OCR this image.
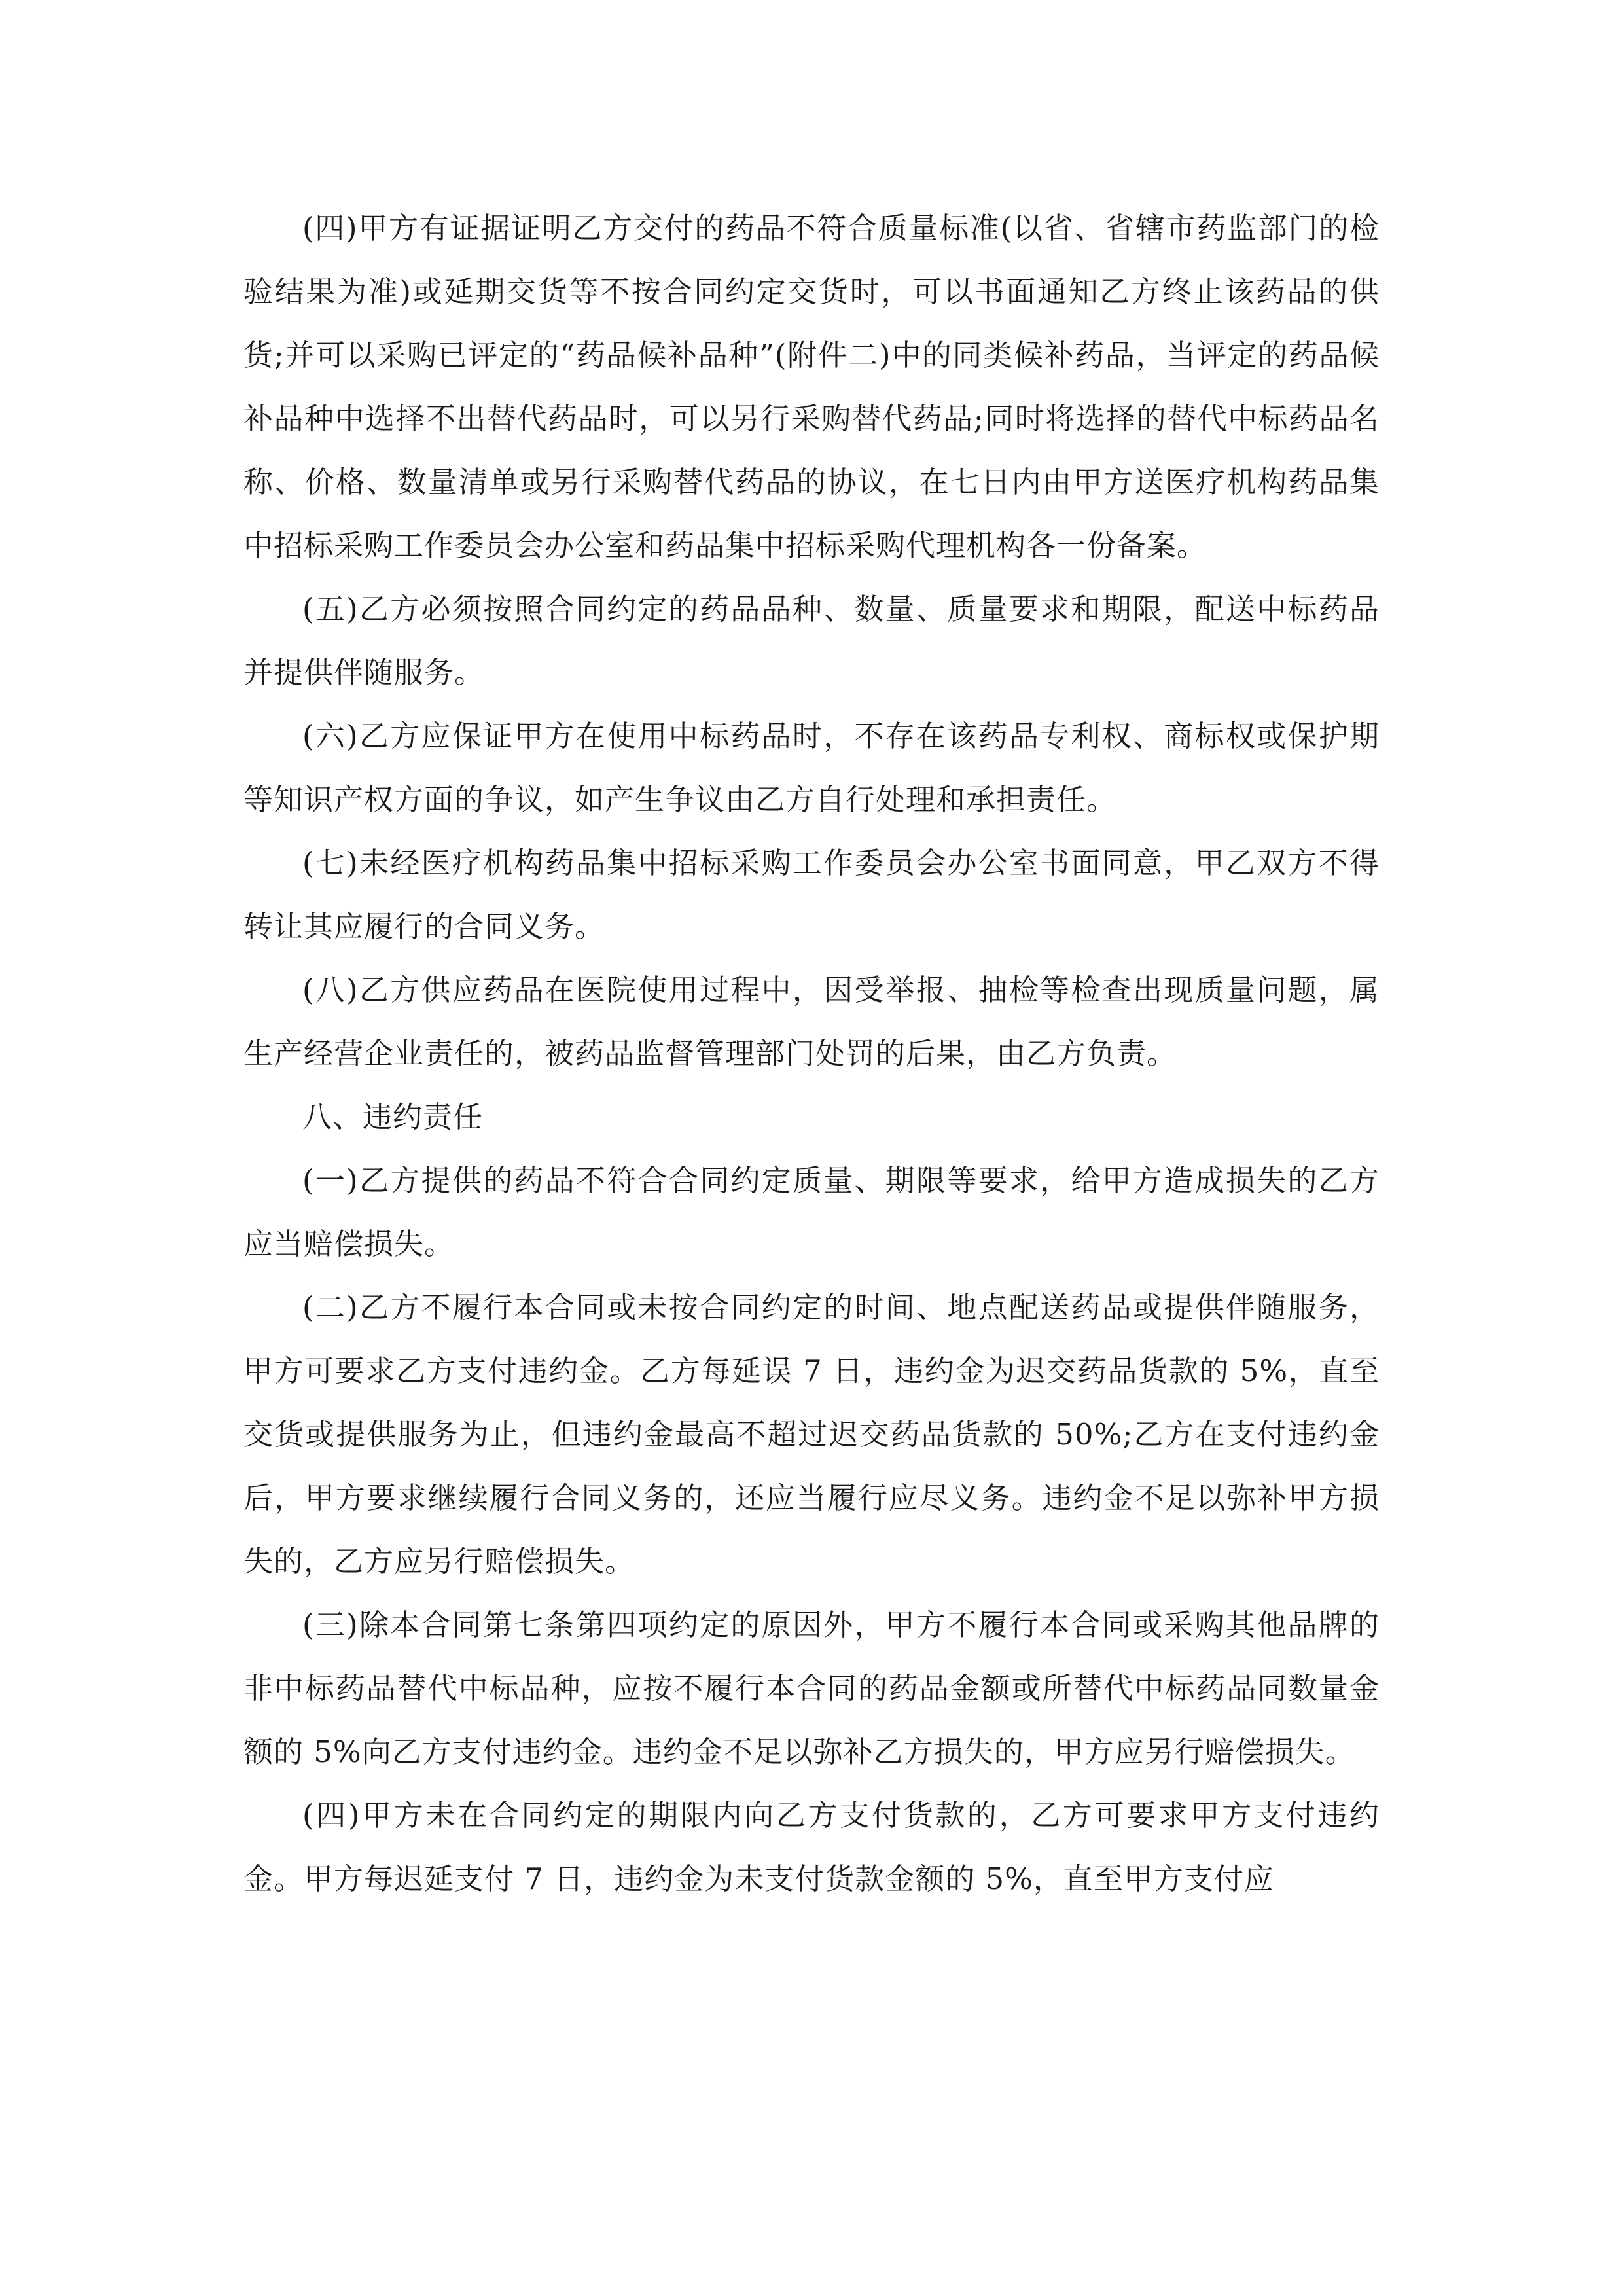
(四)甲方有证据证明乙方交付的药品不符合质量标准(以省、省辖市药监部门的检验结果为准)或延期交货等不按合同约定交货时，可以书面通知乙方终止该药品的供货;并可以采购已评定的“药品候补品种”(附件二)中的同类候补药品，当评定的药品候补品种中选择不出替代药品时，可以另行采购替代药品;同时将选择的替代中标药品名称、价格、数量清单或另行采购替代药品的协议，在七日内由甲方送医疗机构药品集中招标采购工作委员会办公室和药品集中招标采购代理机构各一份备案。

(五)乙方必须按照合同约定的药品品种、数量、质量要求和期限，配送中标药品并提供伴随服务。

(六)乙方应保证甲方在使用中标药品时，不存在该药品专利权、商标权或保护期等知识产权方面的争议，如产生争议由乙方自行处理和承担责任。

(七)未经医疗机构药品集中招标采购工作委员会办公室书面同意，甲乙双方不得转让其应履行的合同义务。

(八)乙方供应药品在医院使用过程中，因受举报、抽检等检查出现质量问题，属生产经营企业责任的，被药品监督管理部门处罚的后果，由乙方负责。

八、违约责任

(一)乙方提供的药品不符合合同约定质量、期限等要求，给甲方造成损失的乙方应当赔偿损失。

(二)乙方不履行本合同或未按合同约定的时间、地点配送药品或提供伴随服务，甲方可要求乙方支付违约金。乙方每延误 7 日，违约金为迟交药品货款的 5%，直至交货或提供服务为止，但违约金最高不超过迟交药品货款的 50%;乙方在支付违约金后，甲方要求继续履行合同义务的，还应当履行应尽义务。违约金不足以弥补甲方损失的，乙方应另行赔偿损失。

(三)除本合同第七条第四项约定的原因外，甲方不履行本合同或采购其他品牌的非中标药品替代中标品种，应按不履行本合同的药品金额或所替代中标药品同数量金额的 5%向乙方支付违约金。违约金不足以弥补乙方损失的，甲方应另行赔偿损失。

(四)甲方未在合同约定的期限内向乙方支付货款的，乙方可要求甲方支付违约金。甲方每迟延支付 7 日，违约金为未支付货款金额的 5%，直至甲方支付应
